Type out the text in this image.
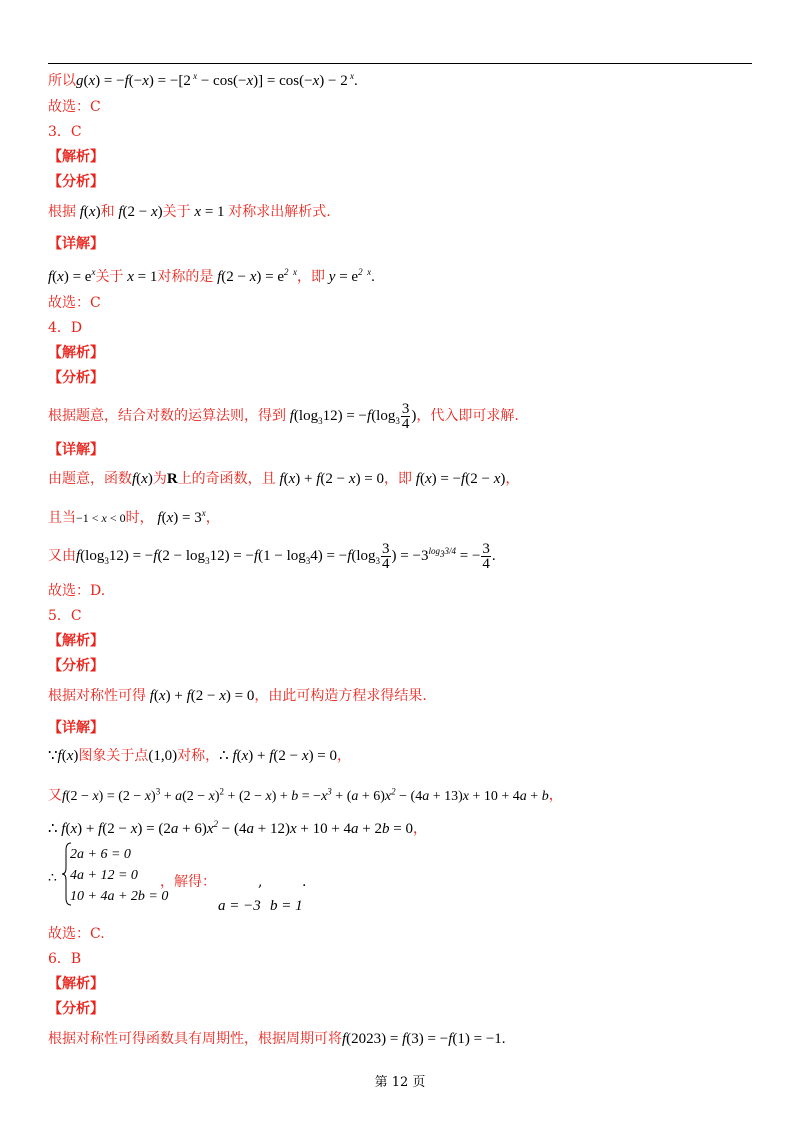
所以g(x) = −f(−x) = −[2 $^x$ − cos(−x)] = cos(−x) − 2 $^x$.
故选：C
3．C
【解析】
【分析】
根据 f(x)和 f(2 − x)关于 x = 1 对称求出解析式.
【详解】
$f(x) = e^x$关于 x = 1对称的是 $f(2 - x) = e^{2 x}$，即 $y = e^{2 x}$.
故选：C
4．D
【解析】
【分析】
根据题意，结合对数的运算法则，得到 $f(\log_312) = -f(\log_3 \frac{3}{4}$ )，代入即可求解.
【详解】
由题意，函数f(x)为R上的奇函数，且 f(x) + f(2 − x) = 0，即 f(x) = −f(2 − x)，
且当−1 < x < 0时， $f(x) = 3^x$，
又由$f(\log_312) = -f(2 - \log_312) = -f(1 - \log_34) = -f(\log_3 \frac{3}{4}$ ) = $-3^{log_33/4}$ = − $\frac{3}{4}$ .
故选：D.
5．C
【解析】
【分析】
根据对称性可得 f(x) + f(2 − x) = 0，由此可构造方程求得结果.
【详解】
∵f(x)图象关于点(1,0)对称，∴ f(x) + f(2 − x) = 0，
又$f(2 - x) = (2 - x)^3 + a(2 - x)^2 + (2 - x) + b = -x^3 + (a + 6)x^2 - (4a + 13)x + 10 + 4a + b$，
∴ $f(x) + f(2 - x) = (2a + 6)x^2 - (4a + 12)x + 10 + 4a + 2b = 0$，
2a + 6 = 0
4a + 12 = 0
10 + 4a + 2b = 0
∴	，解得：	,	.
a = −3 b = 1
故选：C.
6．B
【解析】
【分析】
根据对称性可得函数具有周期性，根据周期可将f(2023) = f(3) = −f(1) = −1.
第 12 页
